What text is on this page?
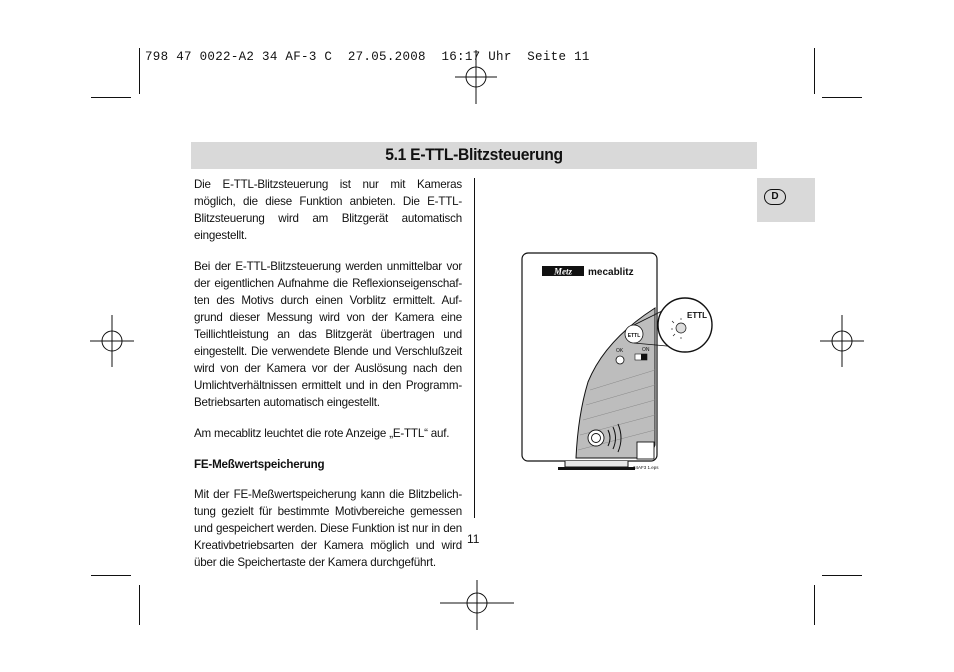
798 47 0022-A2 34 AF-3 C  27.05.2008  16:17 Uhr  Seite 11
5.1 E-TTL-Blitzsteuerung
D

Die E-TTL-Blitzsteuerung ist nur mit Kameras möglich, die diese Funktion anbieten. Die E-TTL-Blitzsteuerung wird am Blitzgerät automatisch eingestellt.

Bei der E-TTL-Blitzsteuerung werden unmittelbar vor der eigentlichen Aufnahme die Reflexionseigenschaf-ten des Motivs durch einen Vorblitz ermittelt. Auf-grund dieser Messung wird von der Kamera eine Teillichtleistung an das Blitzgerät übertragen und eingestellt. Die verwendete Blende und Verschlußzeit wird von der Kamera vor der Auslösung nach den Umlichtverhältnissen ermittelt und in den Programm-Betriebsarten automatisch eingestellt.

Am mecablitz leuchtet die rote Anzeige „E-TTL“ auf.

FE-Meßwertspeicherung

Mit der FE-Meßwertspeicherung kann die Blitzbelich-tung gezielt für bestimmte Motivbereiche gemessen und gespeichert werden. Diese Funktion ist nur in den Kreativbetriebsarten der Kamera möglich und wird über die Speichertaste der Kamera durchgeführt.

11
Metz mecablitz
ETTL
OK	ON
ETTL
34AF3 1.eps
